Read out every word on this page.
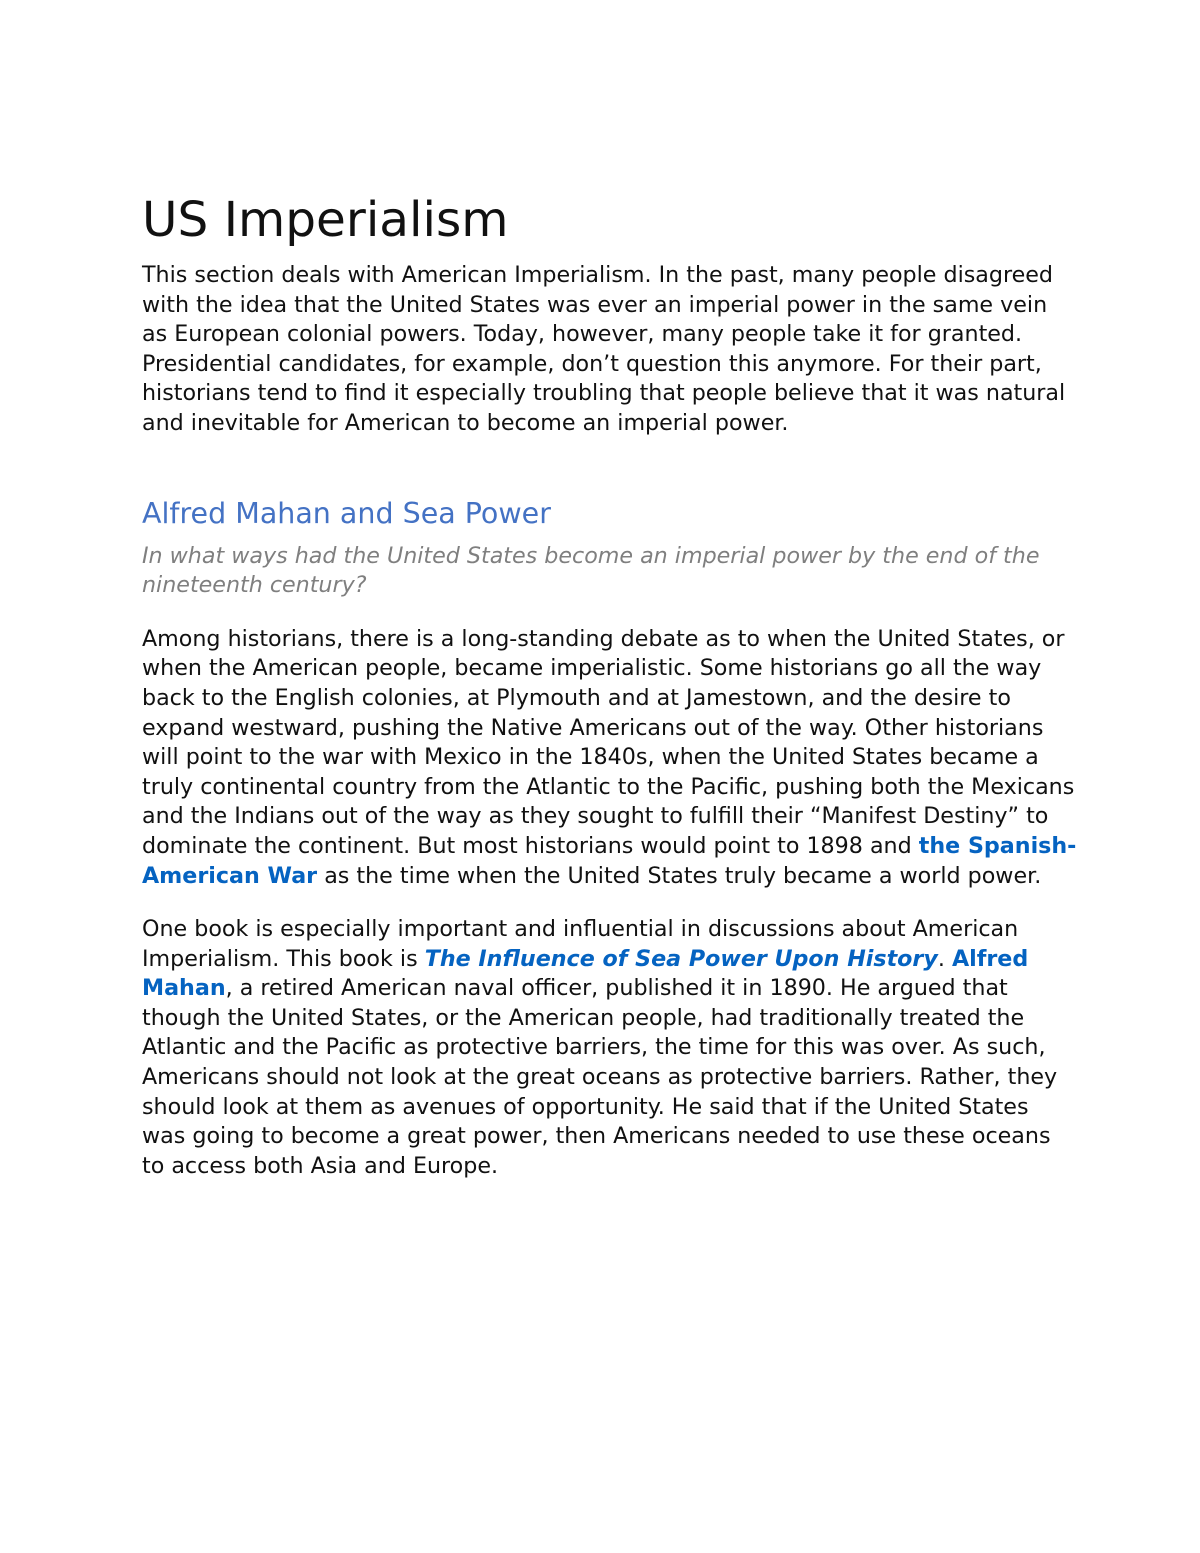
US Imperialism

This section deals with American Imperialism. In the past, many people disagreed with the idea that the United States was ever an imperial power in the same vein as European colonial powers. Today, however, many people take it for granted. Presidential candidates, for example, don’t question this anymore. For their part, historians tend to find it especially troubling that people believe that it was natural and inevitable for American to become an imperial power.

Alfred Mahan and Sea Power

In what ways had the United States become an imperial power by the end of the nineteenth century?

Among historians, there is a long-standing debate as to when the United States, or when the American people, became imperialistic. Some historians go all the way back to the English colonies, at Plymouth and at Jamestown, and the desire to expand westward, pushing the Native Americans out of the way. Other historians will point to the war with Mexico in the 1840s, when the United States became a truly continental country from the Atlantic to the Pacific, pushing both the Mexicans and the Indians out of the way as they sought to fulfill their “Manifest Destiny” to dominate the continent. But most historians would point to 1898 and the Spanish-American War as the time when the United States truly became a world power.

One book is especially important and influential in discussions about American Imperialism. This book is The Influence of Sea Power Upon History. Alfred Mahan, a retired American naval officer, published it in 1890. He argued that though the United States, or the American people, had traditionally treated the Atlantic and the Pacific as protective barriers, the time for this was over. As such, Americans should not look at the great oceans as protective barriers. Rather, they should look at them as avenues of opportunity. He said that if the United States was going to become a great power, then Americans needed to use these oceans to access both Asia and Europe.
